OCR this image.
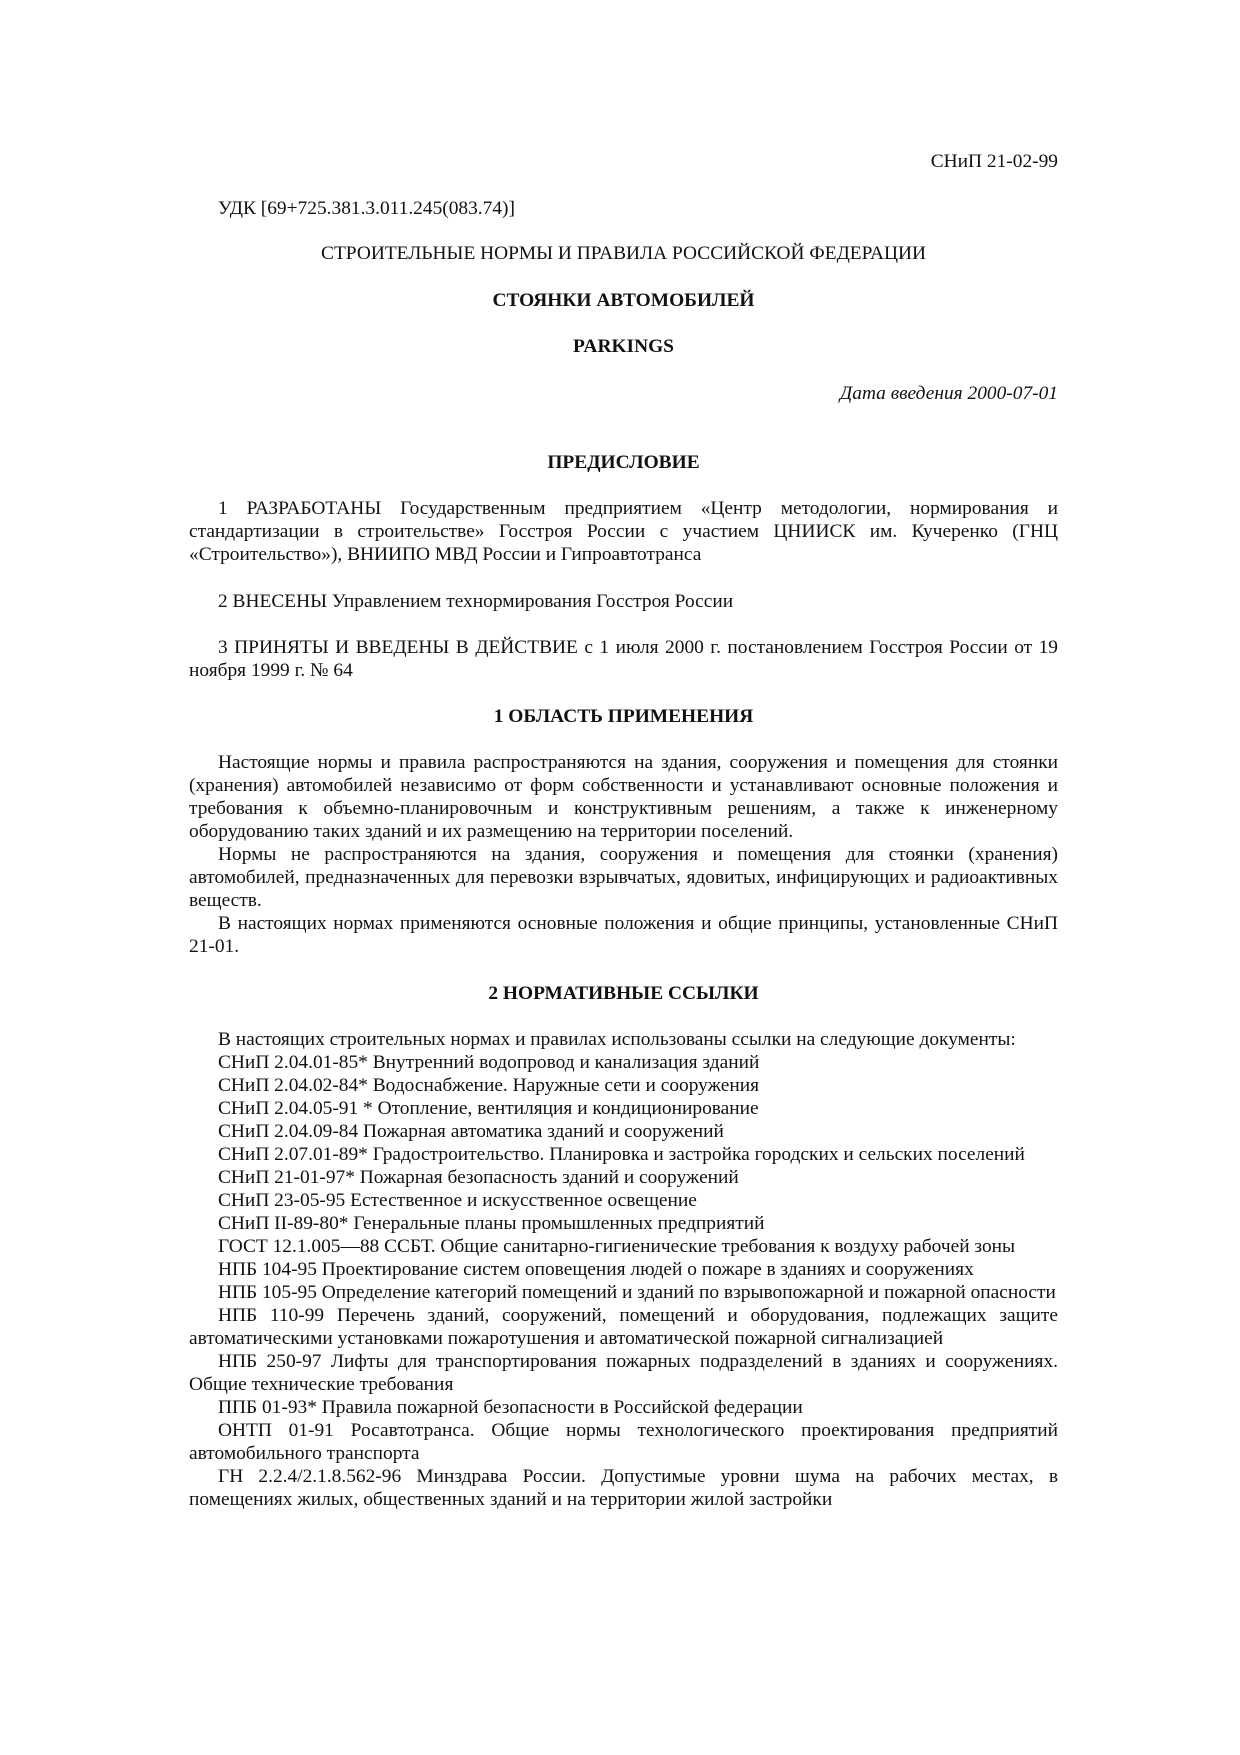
СНиП 21-02-99
УДК [69+725.381.3.011.245(083.74)]
СТРОИТЕЛЬНЫЕ НОРМЫ И ПРАВИЛА РОССИЙСКОЙ ФЕДЕРАЦИИ
СТОЯНКИ АВТОМОБИЛЕЙ
PARKINGS
Дата введения 2000-07-01
ПРЕДИСЛОВИЕ

1 РАЗРАБОТАНЫ Государственным предприятием «Центр методологии, нормирования и стандартизации в строительстве» Госстроя России с участием ЦНИИСК им. Кучеренко (ГНЦ «Строительство»), ВНИИПО МВД России и Гипроавтотранса

2 ВНЕСЕНЫ Управлением технормирования Госстроя России

3 ПРИНЯТЫ И ВВЕДЕНЫ В ДЕЙСТВИЕ с 1 июля 2000 г. постановлением Госстроя России от 19 ноября 1999 г. № 64

1 ОБЛАСТЬ ПРИМЕНЕНИЯ

Настоящие нормы и правила распространяются на здания, сооружения и помещения для стоянки (хранения) автомобилей независимо от форм собственности и устанавливают основные положения и требования к объемно-планировочным и конструктивным решениям, а также к инженерному оборудованию таких зданий и их размещению на территории поселений.

Нормы не распространяются на здания, сооружения и помещения для стоянки (хранения) автомобилей, предназначенных для перевозки взрывчатых, ядовитых, инфицирующих и радиоактивных веществ.

В настоящих нормах применяются основные положения и общие принципы, установленные СНиП 21-01.

2 НОРМАТИВНЫЕ ССЫЛКИ

В настоящих строительных нормах и правилах использованы ссылки на следующие документы:

СНиП 2.04.01-85* Внутренний водопровод и канализация зданий

СНиП 2.04.02-84* Водоснабжение. Наружные сети и сооружения

СНиП 2.04.05-91 * Отопление, вентиляция и кондиционирование

СНиП 2.04.09-84 Пожарная автоматика зданий и сооружений

СНиП 2.07.01-89* Градостроительство. Планировка и застройка городских и сельских поселений

СНиП 21-01-97* Пожарная безопасность зданий и сооружений

СНиП 23-05-95 Естественное и искусственное освещение

СНиП II-89-80* Генеральные планы промышленных предприятий

ГОСТ 12.1.005—88 ССБТ. Общие санитарно-гигиенические требования к воздуху рабочей зоны

НПБ 104-95 Проектирование систем оповещения людей о пожаре в зданиях и сооружениях

НПБ 105-95 Определение категорий помещений и зданий по взрывопожарной и пожарной опасности

НПБ 110-99 Перечень зданий, сооружений, помещений и оборудования, подлежащих защите автоматическими установками пожаротушения и автоматической пожарной сигнализацией

НПБ 250-97 Лифты для транспортирования пожарных подразделений в зданиях и сооружениях. Общие технические требования

ППБ 01-93* Правила пожарной безопасности в Российской федерации

ОНТП 01-91 Росавтотранса. Общие нормы технологического проектирования предприятий автомобильного транспорта

ГН 2.2.4/2.1.8.562-96 Минздрава России. Допустимые уровни шума на рабочих местах, в помещениях жилых, общественных зданий и на территории жилой застройки
